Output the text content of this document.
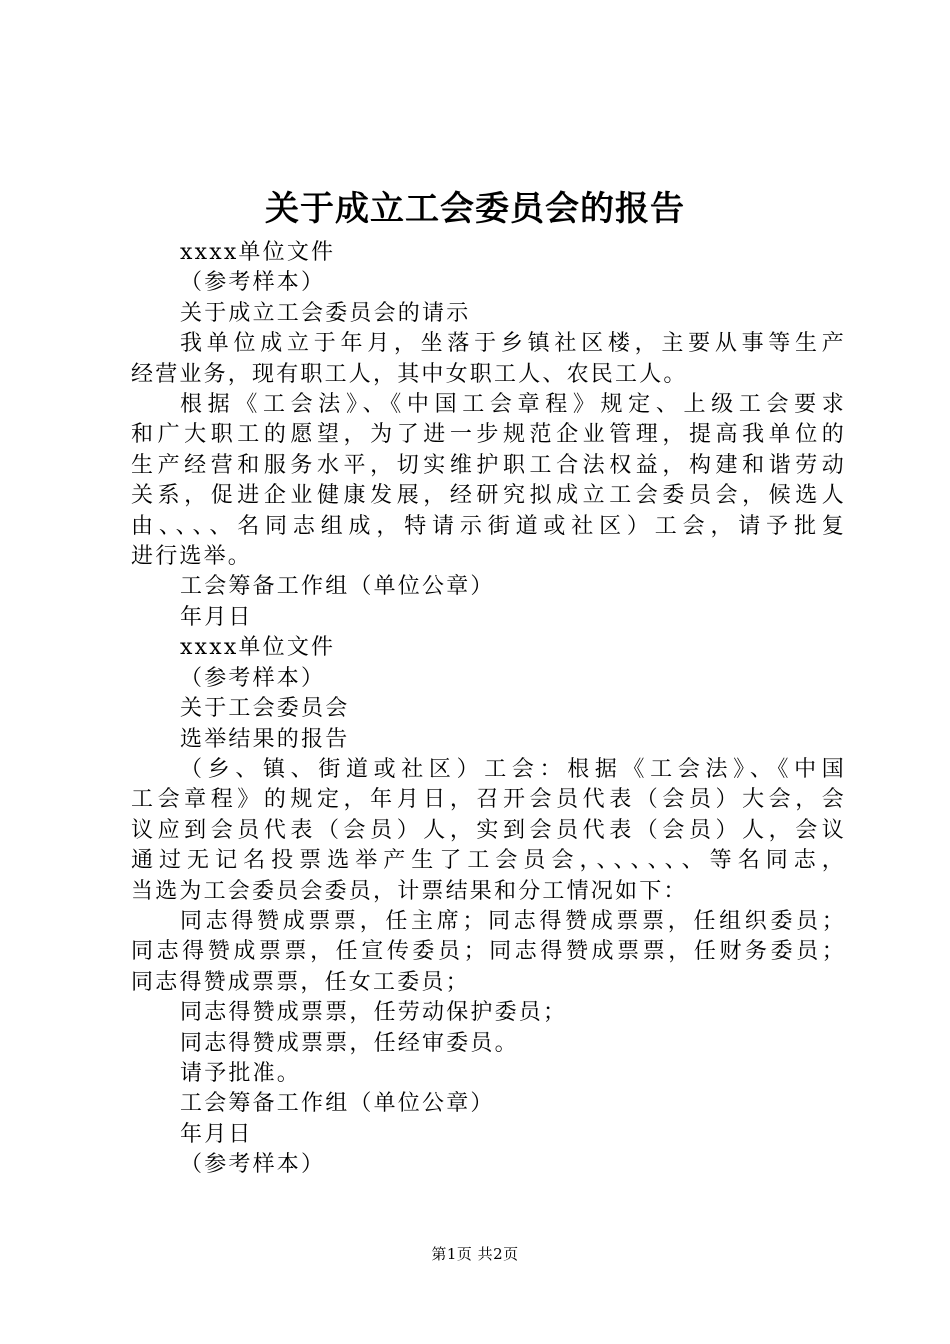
关于成立工会委员会的报告
xxxx单位文件
（参考样本）
关于成立工会委员会的请示
我单位成立于年月，坐落于乡镇社区楼，主要从事等生产
经营业务，现有职工人，其中女职工人、农民工人。
根据《工会法》、《中国工会章程》规定、上级工会要求
和广大职工的愿望，为了进一步规范企业管理，提高我单位的
生产经营和服务水平，切实维护职工合法权益，构建和谐劳动
关系，促进企业健康发展，经研究拟成立工会委员会，候选人
由、、、、名同志组成，特请示街道或社区）工会，请予批复
进行选举。
工会筹备工作组（单位公章）
年月日
xxxx单位文件
（参考样本）
关于工会委员会
选举结果的报告
（乡、镇、街道或社区）工会：根据《工会法》、《中国
工会章程》的规定，年月日，召开会员代表（会员）大会，会
议应到会员代表（会员）人，实到会员代表（会员）人，会议
通过无记名投票选举产生了工会员会，、、、、、、等名同志，
当选为工会委员会委员，计票结果和分工情况如下：
同志得赞成票票，任主席；同志得赞成票票，任组织委员；
同志得赞成票票，任宣传委员；同志得赞成票票，任财务委员；
同志得赞成票票，任女工委员；
同志得赞成票票，任劳动保护委员；
同志得赞成票票，任经审委员。
请予批准。
工会筹备工作组（单位公章）
年月日
（参考样本）
第1页 共2页
